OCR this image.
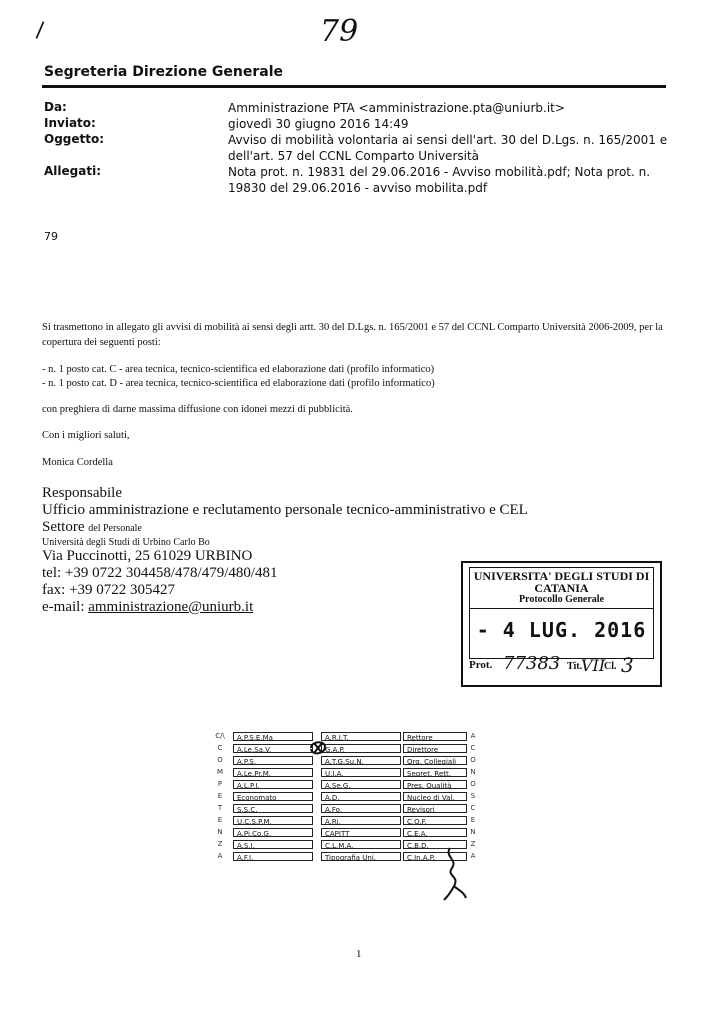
\	79
Segreteria Direzione Generale
Da:	Amministrazione PTA <amministrazione.pta@uniurb.it>
Inviato:	giovedì 30 giugno 2016 14:49
Oggetto:	Avviso di mobilità volontaria ai sensi dell'art. 30 del D.Lgs. n. 165/2001 e dell'art. 57 del CCNL Comparto Università
Allegati:	Nota prot. n. 19831 del 29.06.2016 - Avviso mobilità.pdf; Nota prot. n. 19830 del 29.06.2016 - avviso mobilita.pdf
79
Si trasmettono in allegato gli avvisi di mobilità ai sensi degli artt. 30 del D.Lgs. n. 165/2001 e 57 del CCNL Comparto Università 2006-2009, per la copertura dei seguenti posti:
- n. 1 posto cat. C - area tecnica, tecnico-scientifica ed elaborazione dati (profilo informatico)
- n. 1 posto cat. D - area tecnica, tecnico-scientifica ed elaborazione dati (profilo informatico)
con preghiera di darne massima diffusione con idonei mezzi di pubblicità.
Con i migliori saluti,
Monica Cordella
Responsabile
Ufficio amministrazione e reclutamento personale tecnico-amministrativo e CEL
Settore del Personale
Università degli Studi di Urbino Carlo Bo
Via Puccinotti, 25 61029 URBINO
tel: +39 0722 304458/478/479/480/481
fax: +39 0722 305427
e-mail: amministrazione@uniurb.it
UNIVERSITA' DEGLI STUDI DI
CATANIA
Protocollo Generale
- 4 LUG. 2016
Prot. 77383 Tit.
VII
Cl. 3
C/\	A.P.S.E.Ma	A.R.I.T.	Rettore	A
C	A.Le.Sa.V.	G.A.P.	Direttore	C
O	A.P.S.	A.T.G.Su.N.	Org. Collegiali	O
M	A.Le.Pr.M.	U.I.A.	Segret. Rett.	N
P	A.L.P.I.	A.Se.G.	Pres. Qualità	O
E	Economato	A.D.	Nucleo di Val.	S
T	S.S.C.	A.Fo.	Revisori	C
E	U.C.S.P.M.	A.Ri.	C.O.F.	E
N	A.Pi.Co.G.	CAPITT	C.E.A.	N
Z	A.S.I.	C.L.M.A.	C.B.D.	Z
A	A.F.I.	Tipografia Uni.	C.In.A.P.	A
1
